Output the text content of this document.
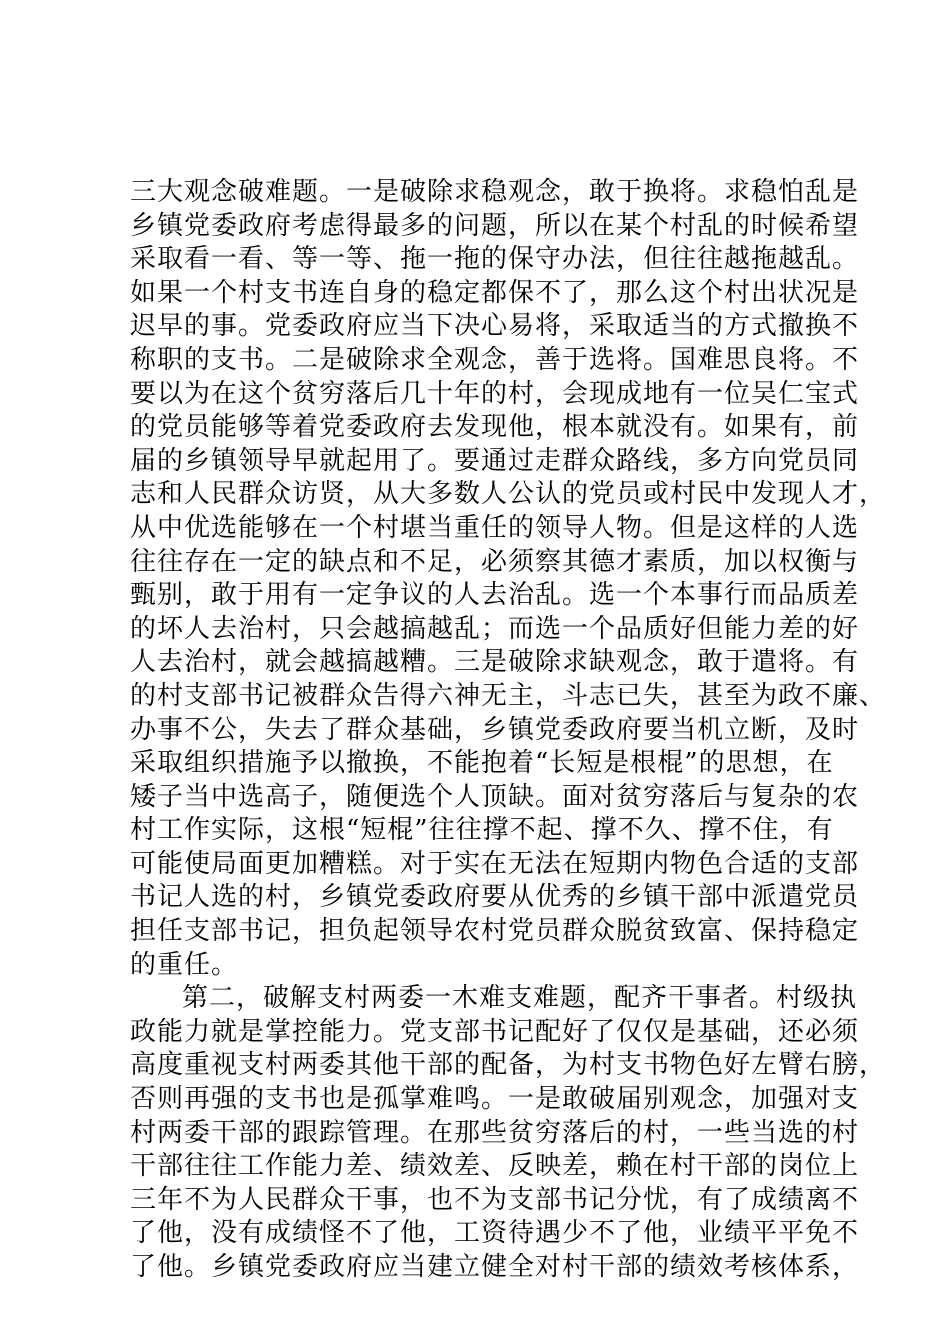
三大观念破难题。一是破除求稳观念，敢于换将。求稳怕乱是
乡镇党委政府考虑得最多的问题，所以在某个村乱的时候希望
采取看一看、等一等、拖一拖的保守办法，但往往越拖越乱。
如果一个村支书连自身的稳定都保不了，那么这个村出状况是
迟早的事。党委政府应当下决心易将，采取适当的方式撤换不
称职的支书。二是破除求全观念，善于选将。国难思良将。不
要以为在这个贫穷落后几十年的村，会现成地有一位吴仁宝式
的党员能够等着党委政府去发现他，根本就没有。如果有，前
届的乡镇领导早就起用了。要通过走群众路线，多方向党员同
志和人民群众访贤，从大多数人公认的党员或村民中发现人才，
从中优选能够在一个村堪当重任的领导人物。但是这样的人选
往往存在一定的缺点和不足，必须察其德才素质，加以权衡与
甄别，敢于用有一定争议的人去治乱。选一个本事行而品质差
的坏人去治村，只会越搞越乱；而选一个品质好但能力差的好
人去治村，就会越搞越糟。三是破除求缺观念，敢于遣将。有
的村支部书记被群众告得六神无主，斗志已失，甚至为政不廉、
办事不公，失去了群众基础，乡镇党委政府要当机立断，及时
采取组织措施予以撤换，不能抱着“长短是根棍”的思想，在
矮子当中选高子，随便选个人顶缺。面对贫穷落后与复杂的农
村工作实际，这根“短棍”往往撑不起、撑不久、撑不住，有
可能使局面更加糟糕。对于实在无法在短期内物色合适的支部
书记人选的村，乡镇党委政府要从优秀的乡镇干部中派遣党员
担任支部书记，担负起领导农村党员群众脱贫致富、保持稳定
的重任。
第二，破解支村两委一木难支难题，配齐干事者。村级执
政能力就是掌控能力。党支部书记配好了仅仅是基础，还必须
高度重视支村两委其他干部的配备，为村支书物色好左臂右膀，
否则再强的支书也是孤掌难鸣。一是敢破届别观念，加强对支
村两委干部的跟踪管理。在那些贫穷落后的村，一些当选的村
干部往往工作能力差、绩效差、反映差，赖在村干部的岗位上
三年不为人民群众干事，也不为支部书记分忧，有了成绩离不
了他，没有成绩怪不了他，工资待遇少不了他，业绩平平免不
了他。乡镇党委政府应当建立健全对村干部的绩效考核体系，
